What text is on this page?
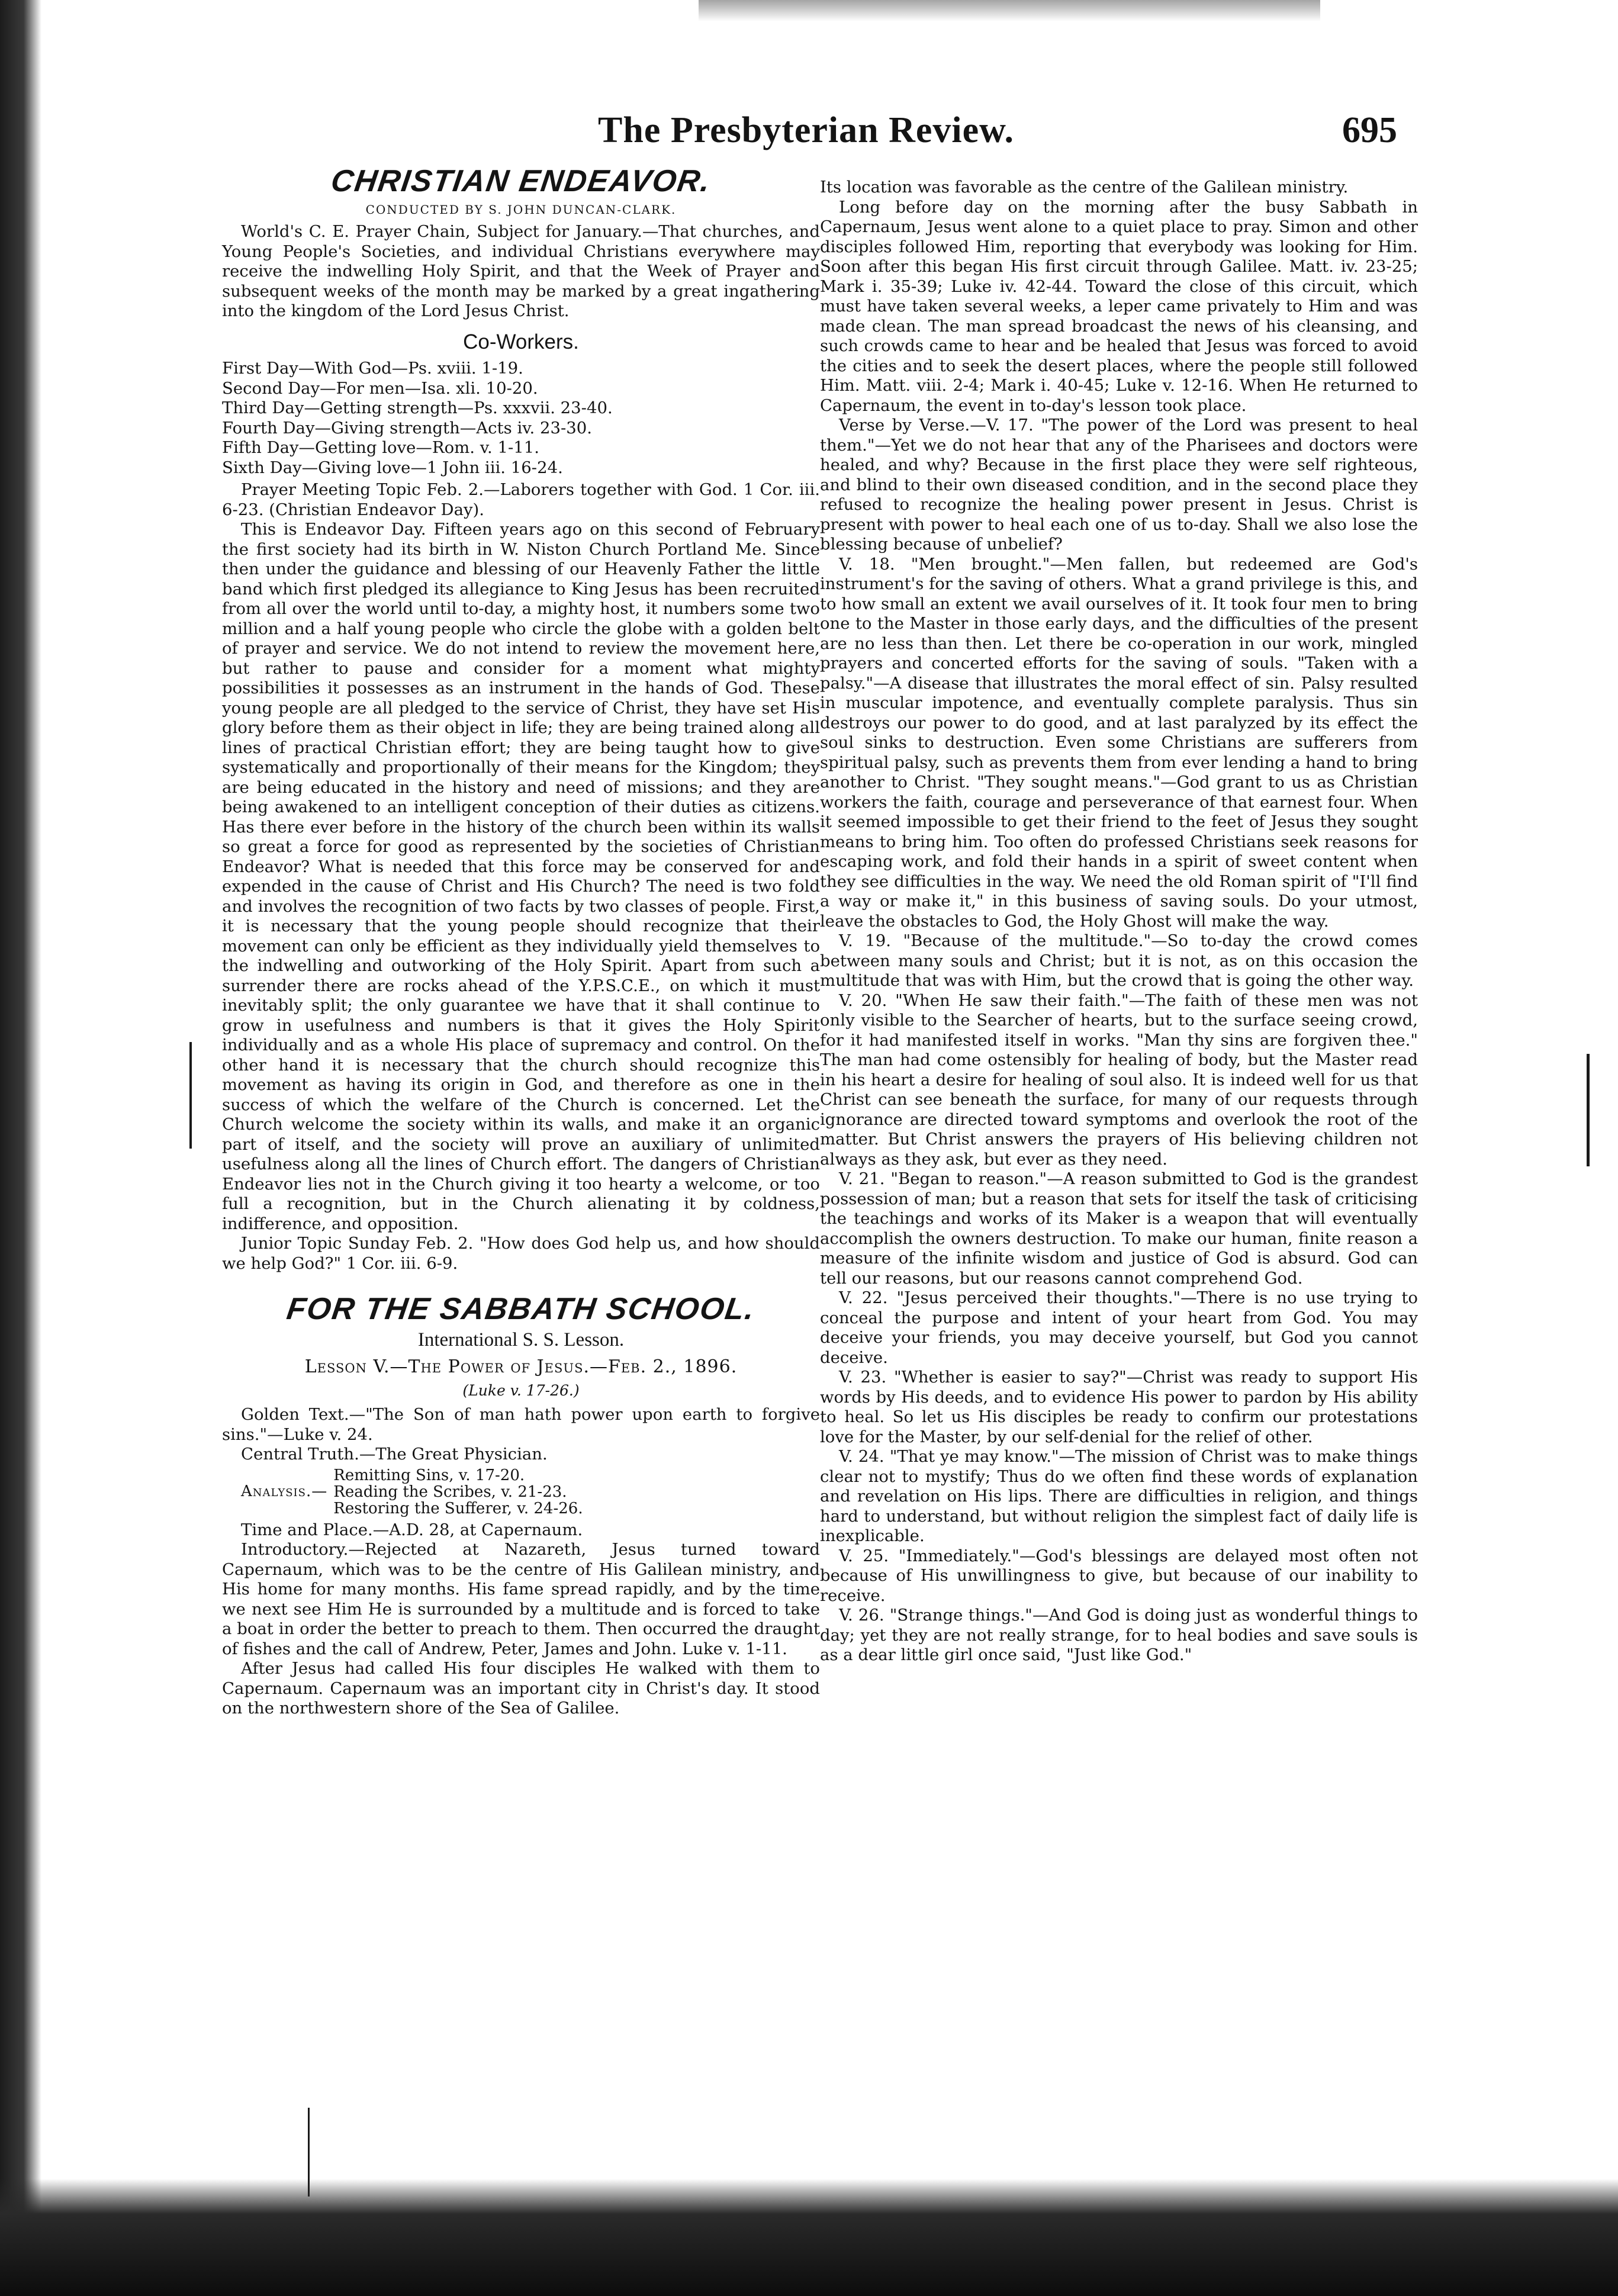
The Presbyterian Review.	695
CHRISTIAN ENDEAVOR.
CONDUCTED BY S. JOHN DUNCAN-CLARK.

World's C. E. Prayer Chain, Subject for January.—That churches, and Young People's Societies, and individual Christians everywhere may receive the indwelling Holy Spirit, and that the Week of Prayer and subsequent weeks of the month may be marked by a great ingathering into the kingdom of the Lord Jesus Christ.

Co-Workers.
First Day—With God—Ps. xviii. 1-19.
Second Day—For men—Isa. xli. 10-20.
Third Day—Getting strength—Ps. xxxvii. 23-40.
Fourth Day—Giving strength—Acts iv. 23-30.
Fifth Day—Getting love—Rom. v. 1-11.
Sixth Day—Giving love—1 John iii. 16-24.

Prayer Meeting Topic Feb. 2.—Laborers together with God. 1 Cor. iii. 6-23. (Christian Endeavor Day).

This is Endeavor Day. Fifteen years ago on this second of February the first society had its birth in W. Niston Church Portland Me. Since then under the guidance and blessing of our Heavenly Father the little band which first pledged its allegiance to King Jesus has been recruited from all over the world until to-day, a mighty host, it numbers some two million and a half young people who circle the globe with a golden belt of prayer and service. We do not intend to review the movement here, but rather to pause and consider for a moment what mighty possibilities it possesses as an instrument in the hands of God. These young people are all pledged to the service of Christ, they have set His glory before them as their object in life; they are being trained along all lines of practical Christian effort; they are being taught how to give systematically and proportionally of their means for the Kingdom; they are being educated in the history and need of missions; and they are being awakened to an intelligent conception of their duties as citizens. Has there ever before in the history of the church been within its walls so great a force for good as represented by the societies of Christian Endeavor? What is needed that this force may be conserved for and expended in the cause of Christ and His Church? The need is two fold and involves the recognition of two facts by two classes of people. First, it is necessary that the young people should recognize that their movement can only be efficient as they individually yield themselves to the indwelling and outworking of the Holy Spirit. Apart from such a surrender there are rocks ahead of the Y.P.S.C.E., on which it must inevitably split; the only guarantee we have that it shall continue to grow in usefulness and numbers is that it gives the Holy Spirit individually and as a whole His place of supremacy and control. On the other hand it is necessary that the church should recognize this movement as having its origin in God, and therefore as one in the success of which the welfare of the Church is concerned. Let the Church welcome the society within its walls, and make it an organic part of itself, and the society will prove an auxiliary of unlimited usefulness along all the lines of Church effort. The dangers of Christian Endeavor lies not in the Church giving it too hearty a welcome, or too full a recognition, but in the Church alienating it by coldness, indifference, and opposition.

Junior Topic Sunday Feb. 2. "How does God help us, and how should we help God?" 1 Cor. iii. 6-9.

FOR THE SABBATH SCHOOL.
International S. S. Lesson.
Lesson V.—The Power of Jesus.—Feb. 2., 1896.
(Luke v. 17-26.)

Golden Text.—"The Son of man hath power upon earth to forgive sins."—Luke v. 24.

Central Truth.—The Great Physician.

Analysis.—
Remitting Sins, v. 17-20.
Reading the Scribes, v. 21-23.
Restoring the Sufferer, v. 24-26.

Time and Place.—A.D. 28, at Capernaum.

Introductory.—Rejected at Nazareth, Jesus turned toward Capernaum, which was to be the centre of His Galilean ministry, and His home for many months. His fame spread rapidly, and by the time we next see Him He is surrounded by a multitude and is forced to take a boat in order the better to preach to them. Then occurred the draught of fishes and the call of Andrew, Peter, James and John. Luke v. 1-11.

After Jesus had called His four disciples He walked with them to Capernaum. Capernaum was an important city in Christ's day. It stood on the northwestern shore of the Sea of Galilee.

Its location was favorable as the centre of the Galilean ministry.

Long before day on the morning after the busy Sabbath in Capernaum, Jesus went alone to a quiet place to pray. Simon and other disciples followed Him, reporting that everybody was looking for Him. Soon after this began His first circuit through Galilee. Matt. iv. 23-25; Mark i. 35-39; Luke iv. 42-44. Toward the close of this circuit, which must have taken several weeks, a leper came privately to Him and was made clean. The man spread broadcast the news of his cleansing, and such crowds came to hear and be healed that Jesus was forced to avoid the cities and to seek the desert places, where the people still followed Him. Matt. viii. 2-4; Mark i. 40-45; Luke v. 12-16. When He returned to Capernaum, the event in to-day's lesson took place.

Verse by Verse.—V. 17. "The power of the Lord was present to heal them."—Yet we do not hear that any of the Pharisees and doctors were healed, and why? Because in the first place they were self righteous, and blind to their own diseased condition, and in the second place they refused to recognize the healing power present in Jesus. Christ is present with power to heal each one of us to-day. Shall we also lose the blessing because of unbelief?

V. 18. "Men brought."—Men fallen, but redeemed are God's instrument's for the saving of others. What a grand privilege is this, and to how small an extent we avail ourselves of it. It took four men to bring one to the Master in those early days, and the difficulties of the present are no less than then. Let there be co-operation in our work, mingled prayers and concerted efforts for the saving of souls. "Taken with a palsy."—A disease that illustrates the moral effect of sin. Palsy resulted in muscular impotence, and eventually complete paralysis. Thus sin destroys our power to do good, and at last paralyzed by its effect the soul sinks to destruction. Even some Christians are sufferers from spiritual palsy, such as prevents them from ever lending a hand to bring another to Christ. "They sought means."—God grant to us as Christian workers the faith, courage and perseverance of that earnest four. When it seemed impossible to get their friend to the feet of Jesus they sought means to bring him. Too often do professed Christians seek reasons for escaping work, and fold their hands in a spirit of sweet content when they see difficulties in the way. We need the old Roman spirit of "I'll find a way or make it," in this business of saving souls. Do your utmost, leave the obstacles to God, the Holy Ghost will make the way.

V. 19. "Because of the multitude."—So to-day the crowd comes between many souls and Christ; but it is not, as on this occasion the multitude that was with Him, but the crowd that is going the other way.

V. 20. "When He saw their faith."—The faith of these men was not only visible to the Searcher of hearts, but to the surface seeing crowd, for it had manifested itself in works. "Man thy sins are forgiven thee." The man had come ostensibly for healing of body, but the Master read in his heart a desire for healing of soul also. It is indeed well for us that Christ can see beneath the surface, for many of our requests through ignorance are directed toward symptoms and overlook the root of the matter. But Christ answers the prayers of His believing children not always as they ask, but ever as they need.

V. 21. "Began to reason."—A reason submitted to God is the grandest possession of man; but a reason that sets for itself the task of criticising the teachings and works of its Maker is a weapon that will eventually accomplish the owners destruction. To make our human, finite reason a measure of the infinite wisdom and justice of God is absurd. God can tell our reasons, but our reasons cannot comprehend God.

V. 22. "Jesus perceived their thoughts."—There is no use trying to conceal the purpose and intent of your heart from God. You may deceive your friends, you may deceive yourself, but God you cannot deceive.

V. 23. "Whether is easier to say?"—Christ was ready to support His words by His deeds, and to evidence His power to pardon by His ability to heal. So let us His disciples be ready to confirm our protestations love for the Master, by our self-denial for the relief of other.

V. 24. "That ye may know."—The mission of Christ was to make things clear not to mystify; Thus do we often find these words of explanation and revelation on His lips. There are difficulties in religion, and things hard to understand, but without religion the simplest fact of daily life is inexplicable.

V. 25. "Immediately."—God's blessings are delayed most often not because of His unwillingness to give, but because of our inability to receive.

V. 26. "Strange things."—And God is doing just as wonderful things to day; yet they are not really strange, for to heal bodies and save souls is as a dear little girl once said, "Just like God."
